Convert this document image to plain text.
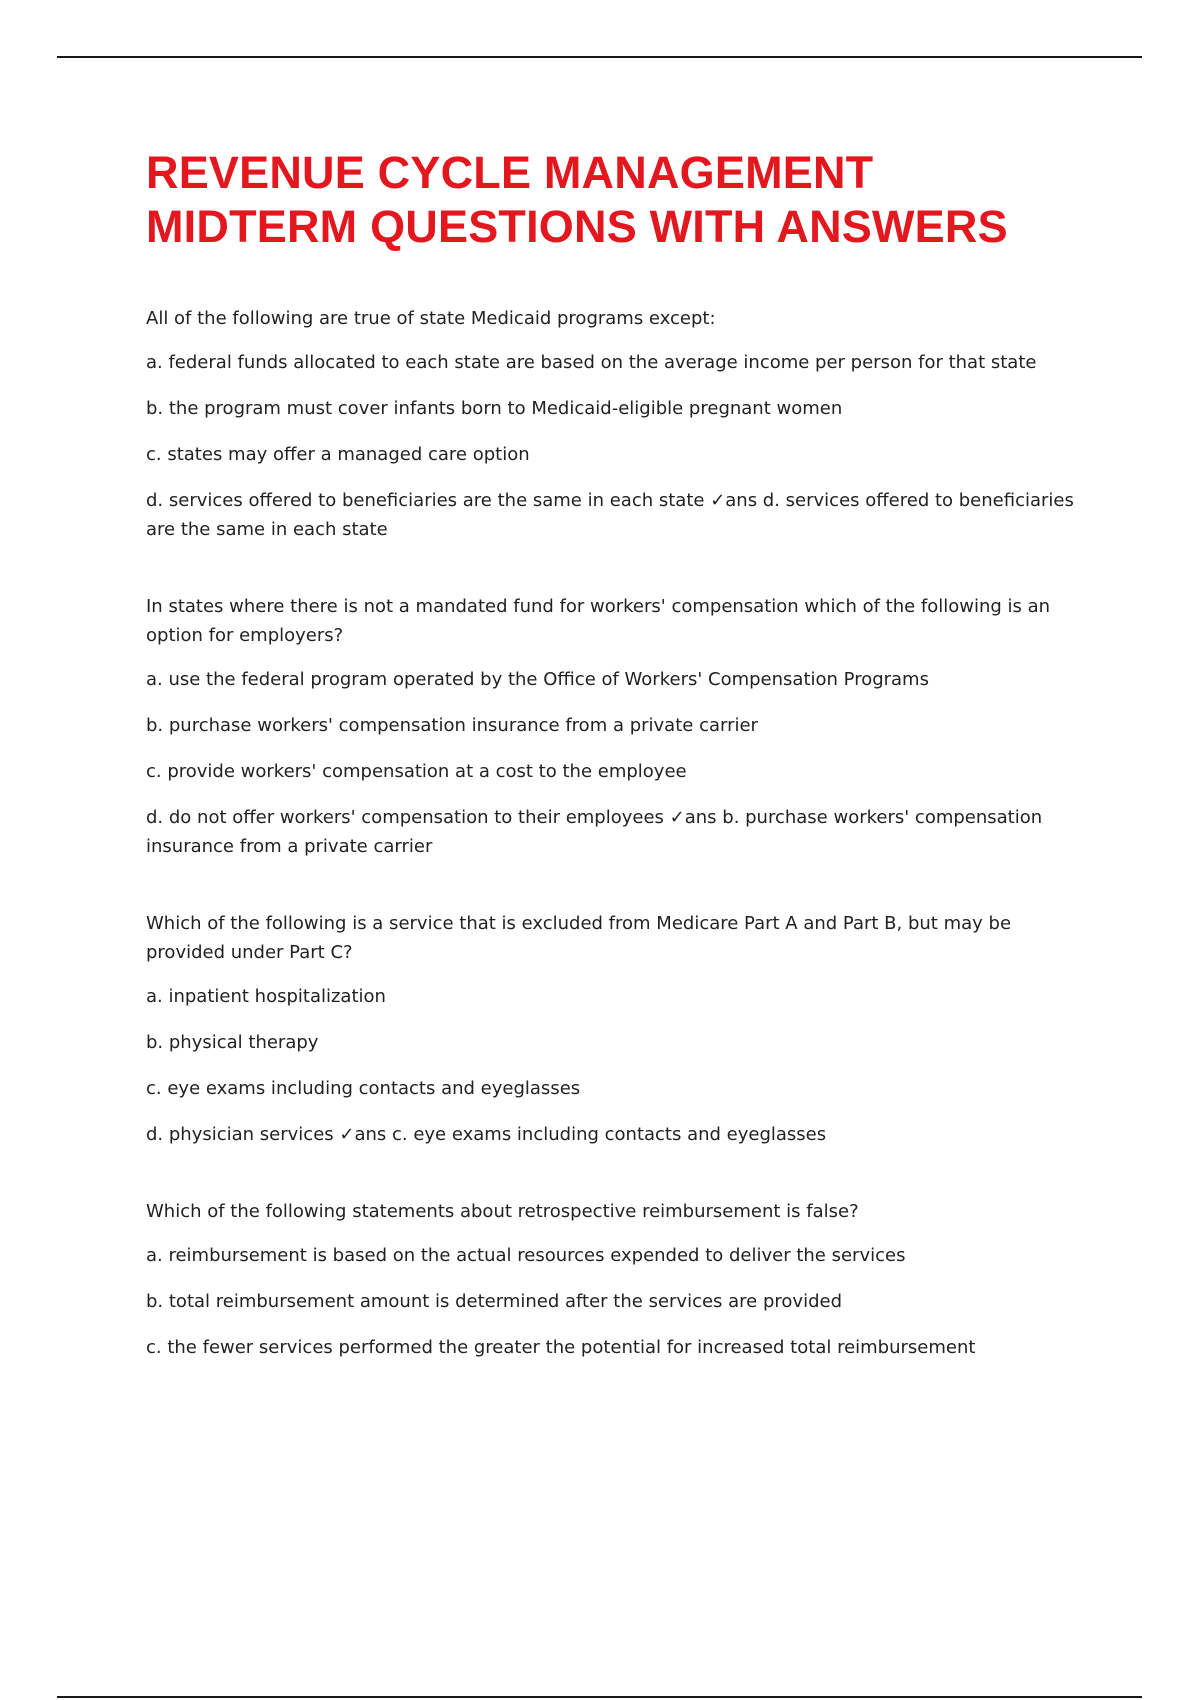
REVENUE CYCLE MANAGEMENT
MIDTERM QUESTIONS WITH ANSWERS

All of the following are true of state Medicaid programs except:

a. federal funds allocated to each state are based on the average income per person for that state

b. the program must cover infants born to Medicaid-eligible pregnant women

c. states may offer a managed care option

d. services offered to beneficiaries are the same in each state ✓ans d. services offered to beneficiaries are the same in each state

In states where there is not a mandated fund for workers' compensation which of the following is an option for employers?

a. use the federal program operated by the Office of Workers' Compensation Programs

b. purchase workers' compensation insurance from a private carrier

c. provide workers' compensation at a cost to the employee

d. do not offer workers' compensation to their employees ✓ans b. purchase workers' compensation insurance from a private carrier

Which of the following is a service that is excluded from Medicare Part A and Part B, but may be provided under Part C?

a. inpatient hospitalization

b. physical therapy

c. eye exams including contacts and eyeglasses

d. physician services ✓ans c. eye exams including contacts and eyeglasses

Which of the following statements about retrospective reimbursement is false?

a. reimbursement is based on the actual resources expended to deliver the services

b. total reimbursement amount is determined after the services are provided

c. the fewer services performed the greater the potential for increased total reimbursement
